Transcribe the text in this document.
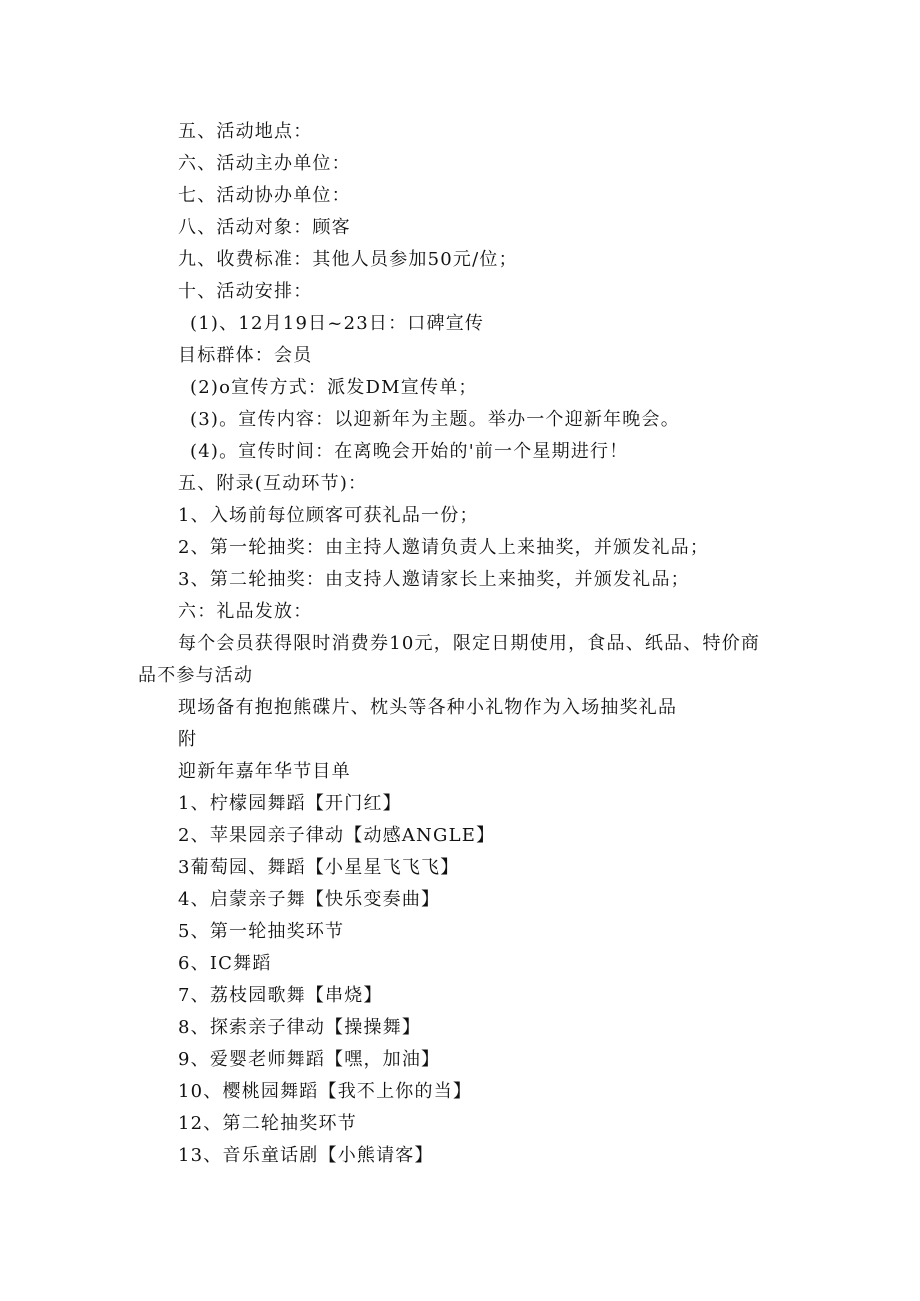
五、活动地点：
六、活动主办单位：
七、活动协办单位：
八、活动对象：顾客
九、收费标准：其他人员参加50元/位；
十、活动安排：
(1)、12月19日~23日：口碑宣传
目标群体：会员
(2)o宣传方式：派发DM宣传单；
(3)。宣传内容：以迎新年为主题。举办一个迎新年晚会。
(4)。宣传时间：在离晚会开始的'前一个星期进行！
五、附录(互动环节)：
1、入场前每位顾客可获礼品一份；
2、第一轮抽奖：由主持人邀请负责人上来抽奖，并颁发礼品；
3、第二轮抽奖：由支持人邀请家长上来抽奖，并颁发礼品；
六：礼品发放：
每个会员获得限时消费券10元，限定日期使用，食品、纸品、特价商
品不参与活动
现场备有抱抱熊碟片、枕头等各种小礼物作为入场抽奖礼品
附
迎新年嘉年华节目单
1、柠檬园舞蹈【开门红】
2、苹果园亲子律动【动感ANGLE】
3葡萄园、舞蹈【小星星飞飞飞】
4、启蒙亲子舞【快乐变奏曲】
5、第一轮抽奖环节
6、IC舞蹈
7、荔枝园歌舞【串烧】
8、探索亲子律动【操操舞】
9、爱婴老师舞蹈【嘿，加油】
10、樱桃园舞蹈【我不上你的当】
12、第二轮抽奖环节
13、音乐童话剧【小熊请客】
